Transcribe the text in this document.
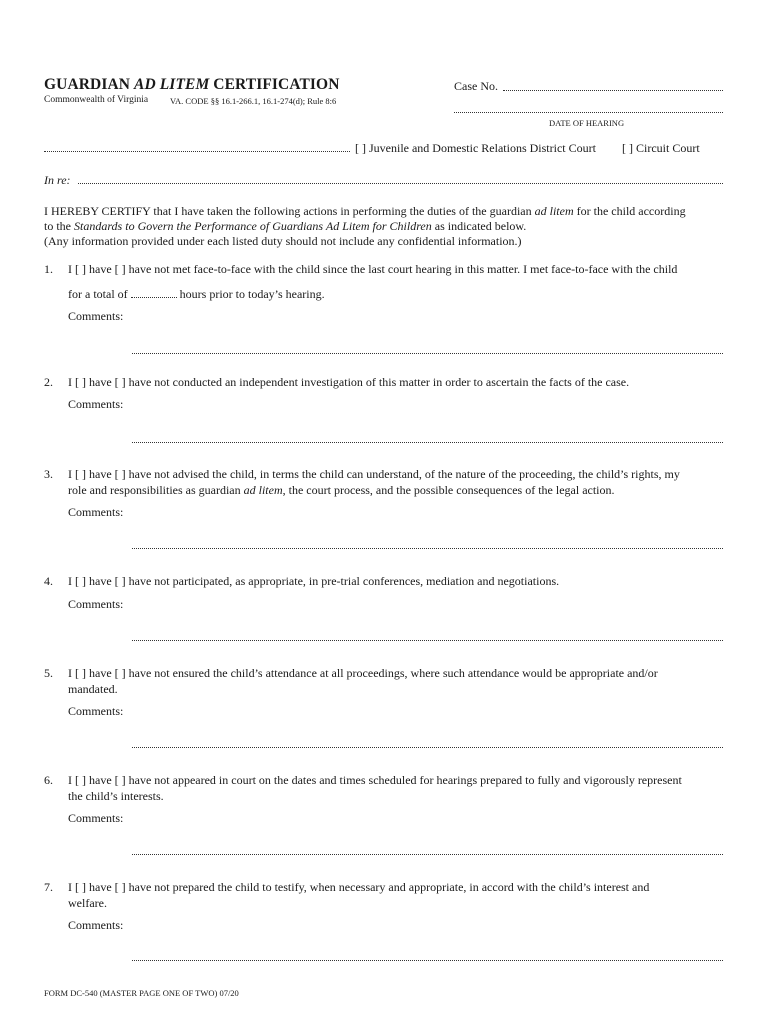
GUARDIAN AD LITEM CERTIFICATION
Commonwealth of Virginia	VA. CODE §§ 16.1-266.1, 16.1-274(d); Rule 8:6
Case No.
DATE OF HEARING
[ ] Juvenile and Domestic Relations District Court [ ] Circuit Court
In re:
I HEREBY CERTIFY that I have taken the following actions in performing the duties of the guardian ad litem for the child according
to the Standards to Govern the Performance of Guardians Ad Litem for Children as indicated below.
(Any information provided under each listed duty should not include any confidential information.)
1. I [ ] have [ ] have not met face-to-face with the child since the last court hearing in this matter. I met face-to-face with the child
for a total of	hours prior to today’s hearing.
Comments:
2. I [ ] have [ ] have not conducted an independent investigation of this matter in order to ascertain the facts of the case.
Comments:
3. I [ ] have [ ] have not advised the child, in terms the child can understand, of the nature of the proceeding, the child’s rights, my
role and responsibilities as guardian ad litem, the court process, and the possible consequences of the legal action.
Comments:
4. I [ ] have [ ] have not participated, as appropriate, in pre-trial conferences, mediation and negotiations.
Comments:
5. I [ ] have [ ] have not ensured the child’s attendance at all proceedings, where such attendance would be appropriate and/or
mandated.
Comments:
6. I [ ] have [ ] have not appeared in court on the dates and times scheduled for hearings prepared to fully and vigorously represent
the child’s interests.
Comments:
7. I [ ] have [ ] have not prepared the child to testify, when necessary and appropriate, in accord with the child’s interest and
welfare.
Comments:
FORM DC-540 (MASTER PAGE ONE OF TWO) 07/20
